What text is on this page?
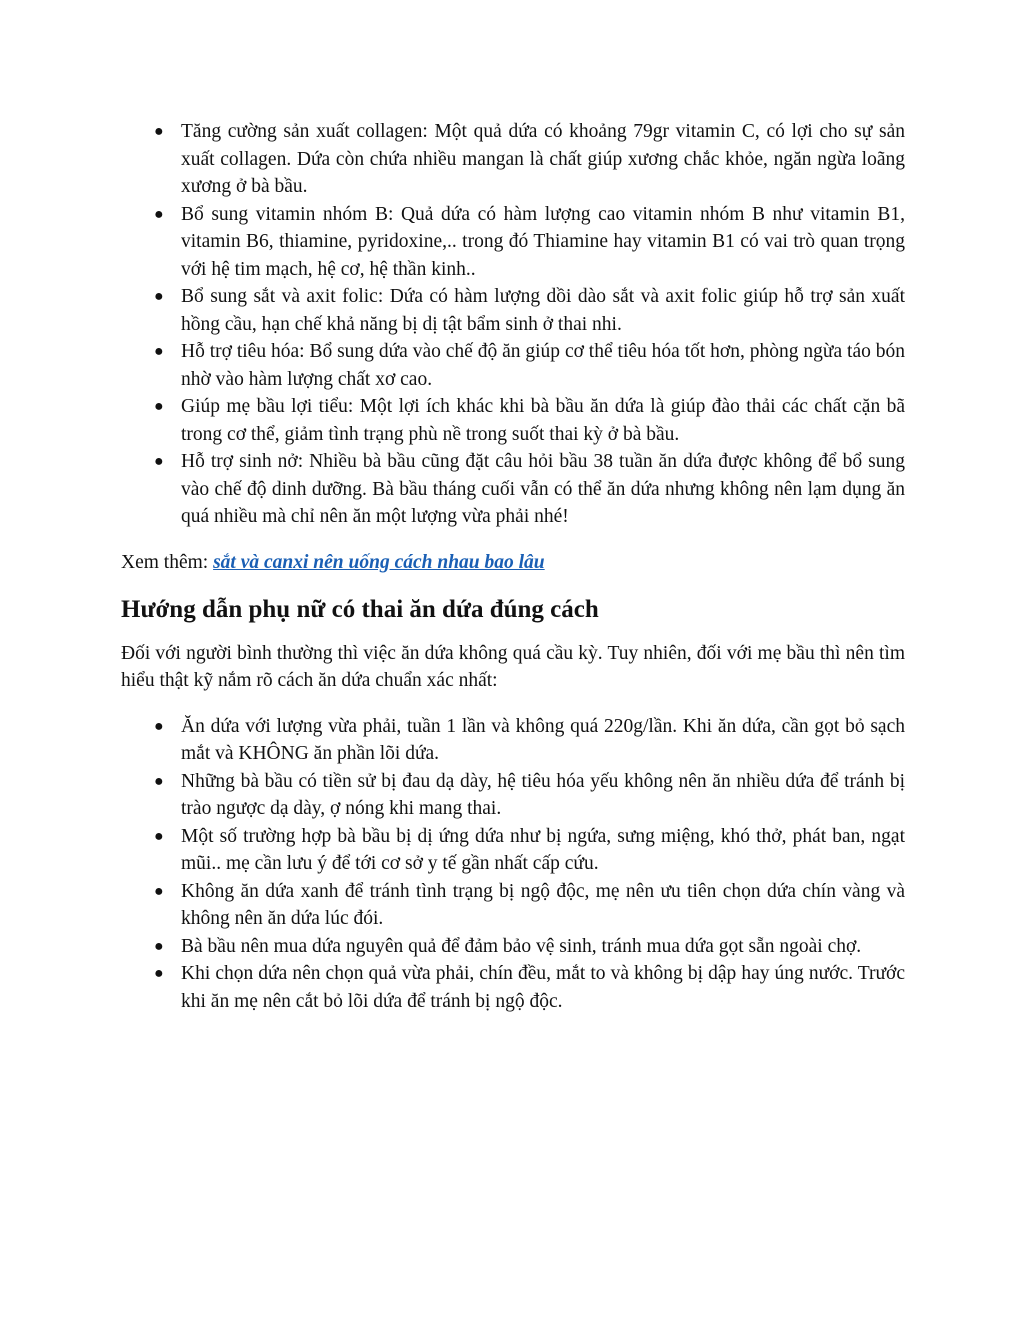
● Tăng cường sản xuất collagen: Một quả dứa có khoảng 79gr vitamin C, có lợi cho sự sản xuất collagen. Dứa còn chứa nhiều mangan là chất giúp xương chắc khỏe, ngăn ngừa loãng xương ở bà bầu.
● Bổ sung vitamin nhóm B: Quả dứa có hàm lượng cao vitamin nhóm B như vitamin B1, vitamin B6, thiamine, pyridoxine,.. trong đó Thiamine hay vitamin B1 có vai trò quan trọng với hệ tim mạch, hệ cơ, hệ thần kinh..
● Bổ sung sắt và axit folic: Dứa có hàm lượng dồi dào sắt và axit folic giúp hỗ trợ sản xuất hồng cầu, hạn chế khả năng bị dị tật bẩm sinh ở thai nhi.
● Hỗ trợ tiêu hóa: Bổ sung dứa vào chế độ ăn giúp cơ thể tiêu hóa tốt hơn, phòng ngừa táo bón nhờ vào hàm lượng chất xơ cao.
● Giúp mẹ bầu lợi tiểu: Một lợi ích khác khi bà bầu ăn dứa là giúp đào thải các chất cặn bã trong cơ thể, giảm tình trạng phù nề trong suốt thai kỳ ở bà bầu.
● Hỗ trợ sinh nở: Nhiều bà bầu cũng đặt câu hỏi bầu 38 tuần ăn dứa được không để bổ sung vào chế độ dinh dưỡng. Bà bầu tháng cuối vẫn có thể ăn dứa nhưng không nên lạm dụng ăn quá nhiều mà chỉ nên ăn một lượng vừa phải nhé!

Xem thêm: sắt và canxi nên uống cách nhau bao lâu

Hướng dẫn phụ nữ có thai ăn dứa đúng cách

Đối với người bình thường thì việc ăn dứa không quá cầu kỳ. Tuy nhiên, đối với mẹ bầu thì nên tìm hiểu thật kỹ nắm rõ cách ăn dứa chuẩn xác nhất:

● Ăn dứa với lượng vừa phải, tuần 1 lần và không quá 220g/lần. Khi ăn dứa, cần gọt bỏ sạch mắt và KHÔNG ăn phần lõi dứa.
● Những bà bầu có tiền sử bị đau dạ dày, hệ tiêu hóa yếu không nên ăn nhiều dứa để tránh bị trào ngược dạ dày, ợ nóng khi mang thai.
● Một số trường hợp bà bầu bị dị ứng dứa như bị ngứa, sưng miệng, khó thở, phát ban, ngạt mũi.. mẹ cần lưu ý để tới cơ sở y tế gần nhất cấp cứu.
● Không ăn dứa xanh để tránh tình trạng bị ngộ độc, mẹ nên ưu tiên chọn dứa chín vàng và không nên ăn dứa lúc đói.
● Bà bầu nên mua dứa nguyên quả để đảm bảo vệ sinh, tránh mua dứa gọt sẵn ngoài chợ.
● Khi chọn dứa nên chọn quả vừa phải, chín đều, mắt to và không bị dập hay úng nước. Trước khi ăn mẹ nên cắt bỏ lõi dứa để tránh bị ngộ độc.
